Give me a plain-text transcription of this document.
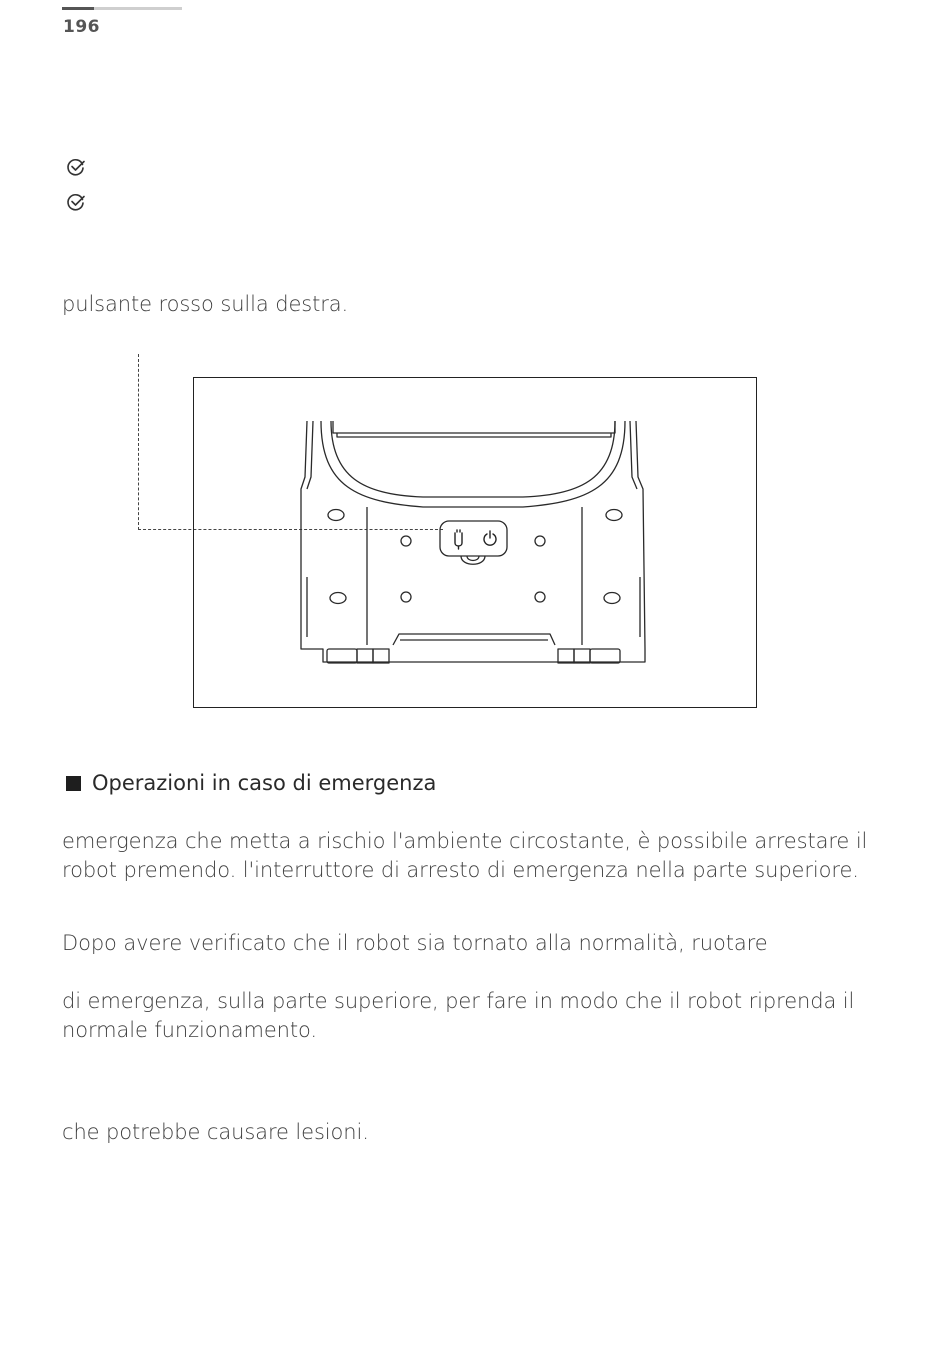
196
pulsante rosso sulla destra.
Operazioni in caso di emergenza
emergenza che metta a rischio l'ambiente circostante, è possibile arrestare il
robot premendo. l'interruttore di arresto di emergenza nella parte superiore.
Dopo avere verificato che il robot sia tornato alla normalità, ruotare
di emergenza, sulla parte superiore, per fare in modo che il robot riprenda il
normale funzionamento.
che potrebbe causare lesioni.
